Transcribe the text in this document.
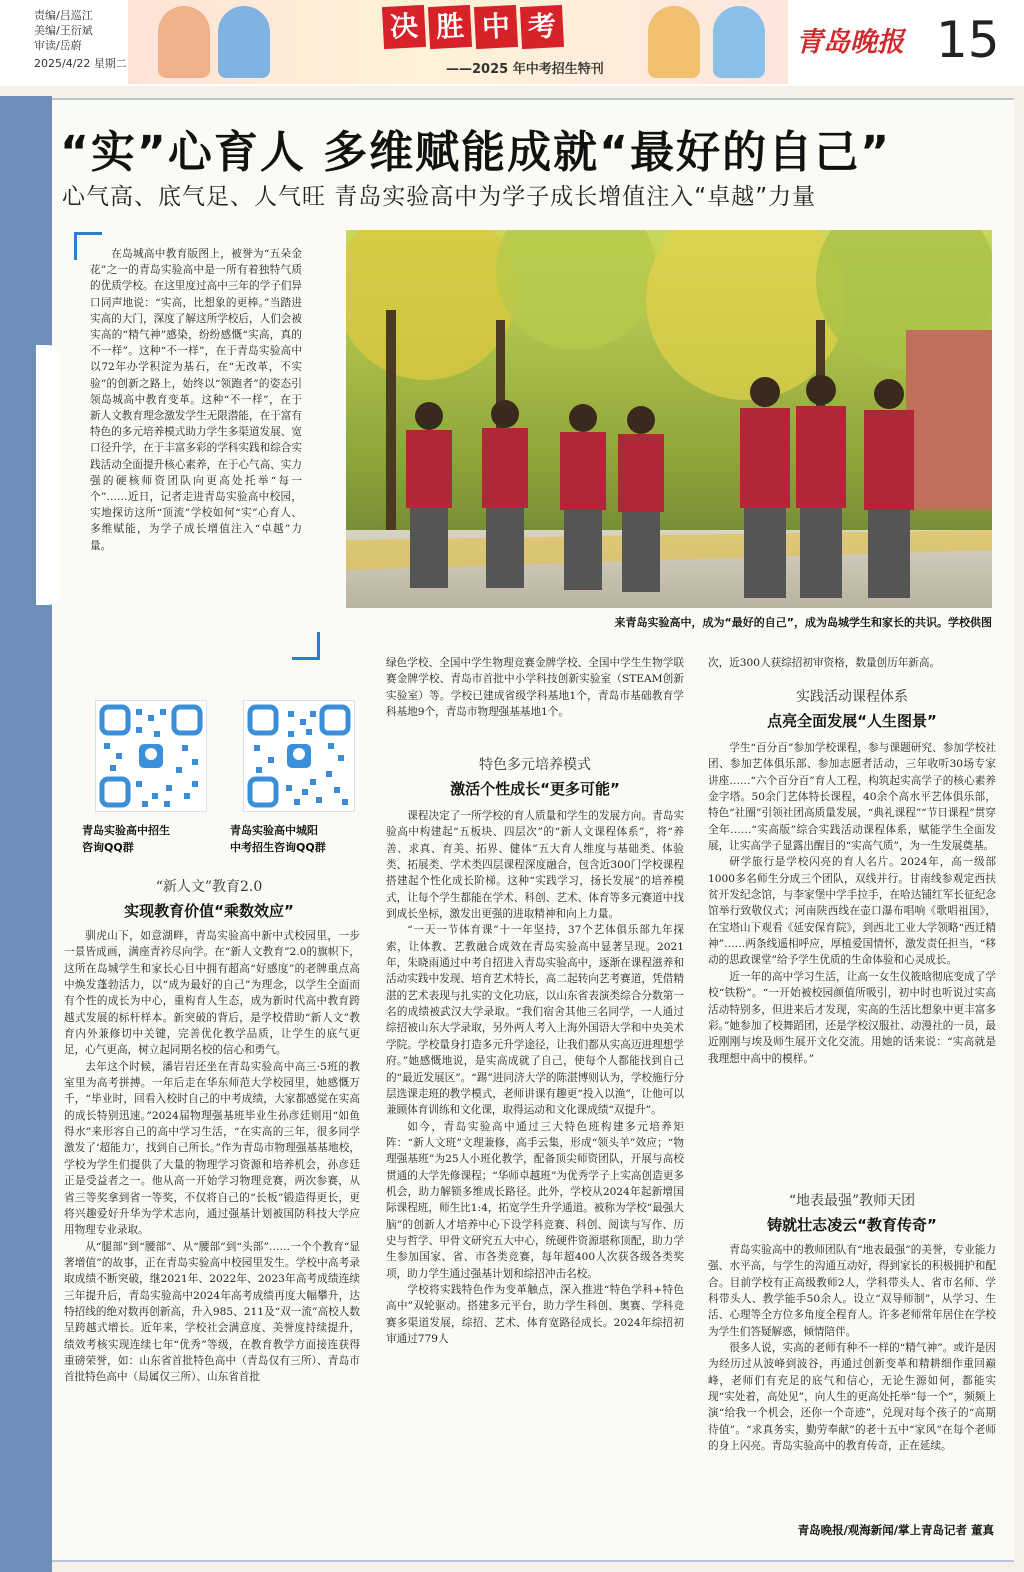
责编/吕巡江
美编/王衍斌
审读/岳蔚
2025/4/22 星期二
决 胜 中 考
——2025 年中考招生特刊
青岛晚报 15
“实”心育人 多维赋能成就“最好的自己”
心气高、底气足、人气旺 青岛实验高中为学子成长增值注入“卓越”力量
在岛城高中教育版图上，被誉为“五朵金花”之一的青岛实验高中是一所有着独特气质的优质学校。在这里度过高中三年的学子们异口同声地说：“实高，比想象的更棒。”当踏进实高的大门，深度了解这所学校后，人们会被实高的“精气神”感染，纷纷感慨“实高，真的不一样”。这种“不一样”，在于青岛实验高中以72年办学积淀为基石，在“无改革，不实验”的创新之路上，始终以“领跑者”的姿态引领岛城高中教育变革。这种“不一样”，在于新人文教育理念激发学生无限潜能，在于富有特色的多元培养模式助力学生多渠道发展、宽口径升学，在于丰富多彩的学科实践和综合实践活动全面提升核心素养，在于心气高、实力强的硬核师资团队向更高处托举“每一个”……近日，记者走进青岛实验高中校园，实地探访这所“顶流”学校如何“实”心育人、多维赋能，为学子成长增值注入“卓越”力量。
来青岛实验高中，成为“最好的自己”，成为岛城学生和家长的共识。学校供图
青岛实验高中招生
咨询QQ群
青岛实验高中城阳
中考招生咨询QQ群
“新人文”教育2.0
实现教育价值“乘数效应”

驯虎山下，如意湖畔，青岛实验高中新中式校园里，一步一景皆成画，满座青衿尽向学。在“新人文教育”2.0的旗帜下，这所在岛城学生和家长心目中拥有超高“好感度”的老牌重点高中焕发蓬勃活力，以“成为最好的自己”为理念，以学生全面而有个性的成长为中心，重构育人生态，成为新时代高中教育跨越式发展的标杆样本。新突破的背后，是学校借助“新人文”教育内外兼修切中关键，完善优化教学品质，让学生的底气更足，心气更高，树立起同期名校的信心和勇气。

去年这个时候，潘岩岩还坐在青岛实验高中高三·5班的教室里为高考拼搏。一年后走在华东师范大学校园里，她感慨万千，“毕业时，回看入校时自己的中考成绩，大家都感觉在实高的成长特别迅速。”2024届物理强基班毕业生孙彦廷则用“如鱼得水”来形容自己的高中学习生活，“在实高的三年，很多同学激发了‘超能力’，找到自己所长。”作为青岛市物理强基基地校，学校为学生们提供了大量的物理学习资源和培养机会，孙彦廷正是受益者之一。他从高一开始学习物理竞赛，两次参赛，从省三等奖拿到省一等奖，不仅将自己的“长板”锻造得更长，更将兴趣爱好升华为学术志向，通过强基计划被国防科技大学应用物理专业录取。

从“腿部”到“腰部”、从“腰部”到“头部”……一个个教育“显著增值”的故事，正在青岛实验高中校园里发生。学校中高考录取成绩不断突破，继2021年、2022年、2023年高考成绩连续三年提升后，青岛实验高中2024年高考成绩再度大幅攀升，达特招线的绝对数再创新高，升入985、211及“双一流”高校人数呈跨越式增长。近年来，学校社会满意度、美誉度持续提升，绩效考核实现连续七年“优秀”等级，在教育教学方面接连获得重磅荣誉，如：山东省首批特色高中（青岛仅有三所）、青岛市首批特色高中（局属仅三所）、山东省首批

绿色学校、全国中学生物理竞赛金牌学校、全国中学生生物学联赛金牌学校、青岛市首批中小学科技创新实验室（STEAM创新实验室）等。学校已建成省级学科基地1个，青岛市基础教育学科基地9个，青岛市物理强基基地1个。
特色多元培养模式
激活个性成长“更多可能”

课程决定了一所学校的育人质量和学生的发展方向。青岛实验高中构建起“五板块、四层次”的“新人文课程体系”，将“养善、求真、育美、拓界、健体”五大育人维度与基础类、体验类、拓展类、学术类四层课程深度融合，包含近300门学校课程搭建起个性化成长阶梯。这种“实践学习，扬长发展”的培养模式，让每个学生都能在学术、科创、艺术、体育等多元赛道中找到成长坐标，激发出更强的进取精神和向上力量。

“一天一节体育课”十一年坚持，37个艺体俱乐部九年探索，让体教、艺教融合成效在青岛实验高中显著呈现。2021年，朱晓雨通过中考自招进入青岛实验高中，逐渐在课程滋养和活动实践中发现、培育艺术特长，高二起转向艺考赛道，凭借精湛的艺术表现与扎实的文化功底，以山东省表演类综合分数第一名的成绩被武汉大学录取。“我们宿舍其他三名同学，一人通过综招被山东大学录取，另外两人考入上海外国语大学和中央美术学院。学校量身打造多元升学途径，让我们都从实高迈进理想学府。”她感慨地说，是实高成就了自己，使每个人都能找到自己的“最近发展区”。“踢”进同济大学的陈湛博则认为，学校施行分层选课走班的教学模式，老师讲课有趣更“投入以渔”，让他可以兼顾体育训练和文化课，取得运动和文化课成绩“双提升”。

如今，青岛实验高中通过三大特色班构建多元培养矩阵：“新人文班”文理兼修，高手云集，形成“领头羊”效应；“物理强基班”为25人小班化教学，配备顶尖师资团队，开展与高校贯通的大学先修课程；“华师卓越班”为优秀学子上实高创造更多机会，助力解锁多维成长路径。此外，学校从2024年起新增国际课程班，师生比1:4，拓宽学生升学通道。被称为学校“最强大脑”的创新人才培养中心下设学科竞赛、科创、阅读与写作、历史与哲学、甲骨文研究五大中心，统硬件资源堪称顶配，助力学生参加国家、省、市各类竞赛，每年超400人次获各级各类奖项，助力学生通过强基计划和综招冲击名校。

学校将实践特色作为变革触点，深入推进“特色学科+特色高中”双轮驱动。搭建多元平台，助力学生科创、奥赛、学科竞赛多渠道发展，综招、艺术、体育宽路径成长。2024年综招初审通过779人

次，近300人获综招初审资格，数量创历年新高。
实践活动课程体系
点亮全面发展“人生图景”

学生“百分百”参加学校课程，参与课题研究、参加学校社团、参加艺体俱乐部、参加志愿者活动，三年收听30场专家讲座……“六个百分百”育人工程，构筑起实高学子的核心素养金字塔。50余门艺体特长课程，40余个高水平艺体俱乐部，特色“社圈”引领社团高质量发展，“典礼课程”“节日课程”贯穿全年……“实高版”综合实践活动课程体系，赋能学生全面发展，让实高学子显露出醒目的“实高气质”，为一生发展奠基。

研学旅行是学校闪亮的育人名片。2024年，高一级部1000多名师生分成三个团队，双线并行。甘南线参观定西扶贫开发纪念馆，与李家堡中学手拉手，在哈达铺红军长征纪念馆举行致敬仪式；河南陕西线在壶口瀑布唱响《歌唱祖国》，在宝塔山下观看《延安保育院》，到西北工业大学领略“西迁精神”……两条线遥相呼应，厚植爱国情怀，激发责任担当，“移动的思政课堂”给予学生优质的生命体验和心灵成长。

近一年的高中学习生活，让高一女生仪筱晗彻底变成了学校“铁粉”。“一开始被校园颜值所吸引，初中时也听说过实高活动特别多，但进来后才发现，实高的生活比想象中更丰富多彩。”她参加了校舞蹈团，还是学校汉服社、动漫社的一员，最近刚刚与埃及师生展开文化交流。用她的话来说：“实高就是我理想中高中的模样。”

“地表最强”教师天团
铸就壮志凌云“教育传奇”

青岛实验高中的教师团队有“地表最强”的美誉，专业能力强、水平高，与学生的沟通互动好，得到家长的积极拥护和配合。目前学校有正高级教师2人，学科带头人、省市名师、学科带头人、教学能手50余人。设立“双导师制”，从学习、生活、心理等全方位多角度全程育人。许多老师常年居住在学校为学生们答疑解惑，倾情陪伴。

很多人说，实高的老师有种不一样的“精气神”。或许是因为经历过从波峰到波谷，再通过创新变革和精耕细作重回巅峰，老师们有充足的底气和信心，无论生源如何，都能实现“实处着，高处见”，向人生的更高处托举“每一个”，频频上演“给我一个机会，还你一个奇迹”，兑现对每个孩子的“高期待值”。“求真务实，勤劳奉献”的老十五中“家风”在每个老师的身上闪亮。青岛实验高中的教育传奇，正在延续。

青岛晚报/观海新闻/掌上青岛记者 董真
